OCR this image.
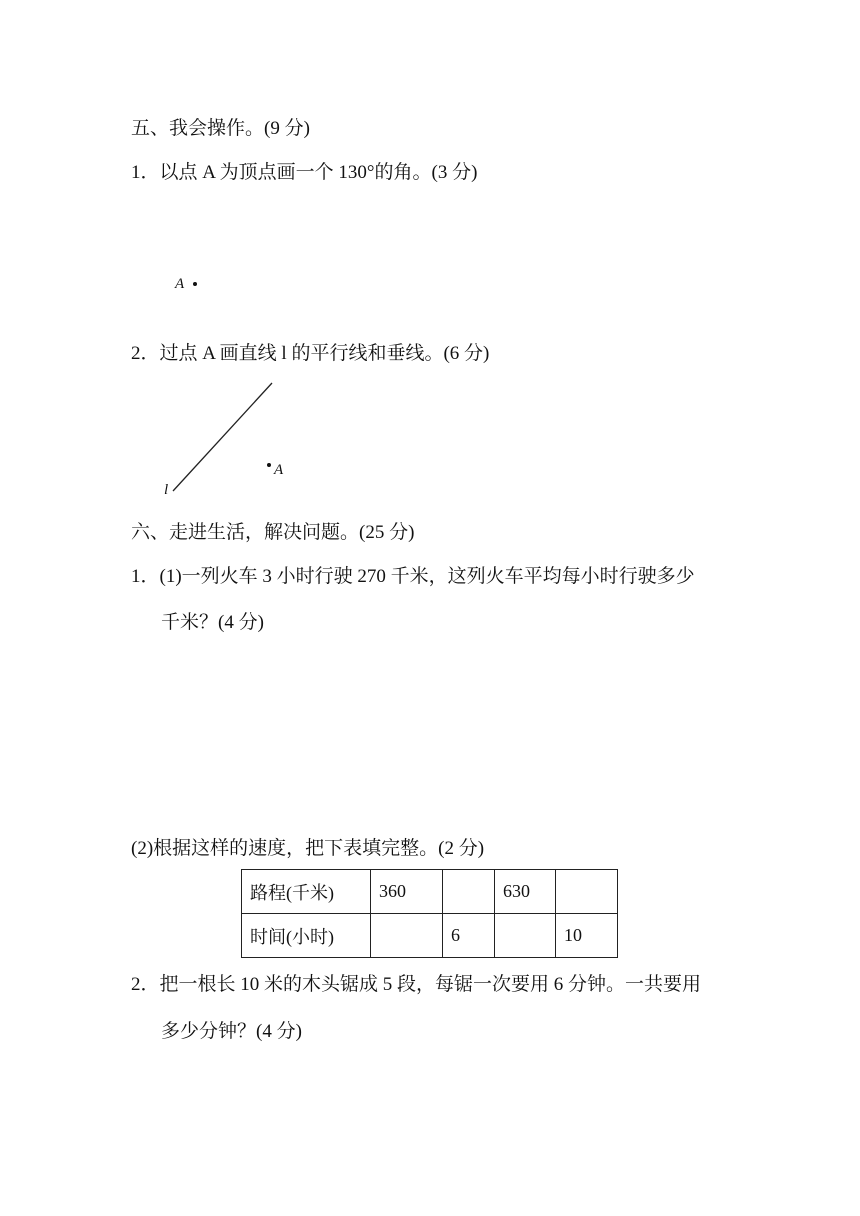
五、我会操作。(9 分)
1．以点 A 为顶点画一个 130°的角。(3 分)
A
2．过点 A 画直线 l 的平行线和垂线。(6 分)
l
A
六、走进生活，解决问题。(25 分)
1．(1)一列火车 3 小时行驶 270 千米，这列火车平均每小时行驶多少
千米？(4 分)
(2)根据这样的速度，把下表填完整。(2 分)
路程(千米)	360		630	
时间(小时)		6		10
2．把一根长 10 米的木头锯成 5 段，每锯一次要用 6 分钟。一共要用
多少分钟？(4 分)
